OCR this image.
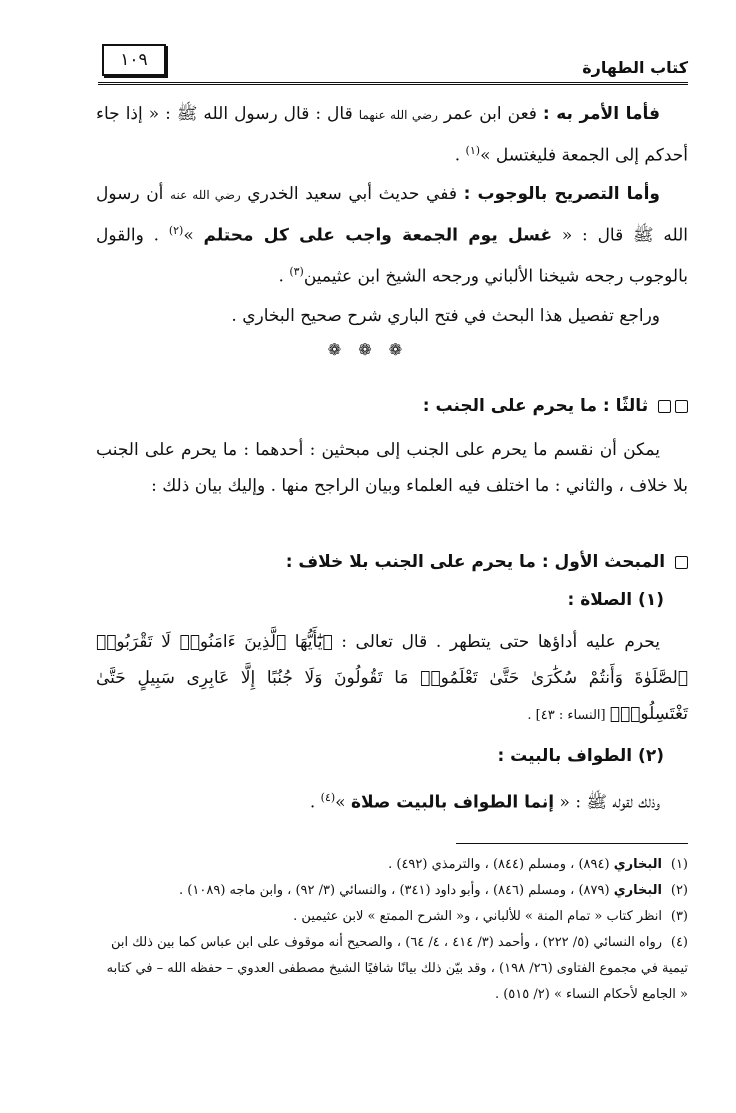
كتاب الطهارة
١٠٩

فأما الأمر به : فعن ابن عمر رضي الله عنهما قال : قال رسول الله ﷺ : « إذا جاء أحدكم إلى الجمعة فليغتسل »$^{(١)}$ .

وأما التصريح بالوجوب : ففي حديث أبي سعيد الخدري رضي الله عنه أن رسول الله ﷺ قال : « غسل يوم الجمعة واجب على كل محتلم »$^{(٢)}$ . والقول بالوجوب رجحه شيخنا الألباني ورجحه الشيخ ابن عثيمين$^{(٣)}$ .

وراجع تفصيل هذا البحث في فتح الباري شرح صحيح البخاري .

❁ ❁ ❁
ثالثًا : ما يحرم على الجنب :

يمكن أن نقسم ما يحرم على الجنب إلى مبحثين : أحدهما : ما يحرم على الجنب بلا خلاف ، والثاني : ما اختلف فيه العلماء وبيان الراجح منها . وإليك بيان ذلك :

المبحث الأول : ما يحرم على الجنب بلا خلاف :
(١) الصلاة :

يحرم عليه أداؤها حتى يتطهر . قال تعالى : ﴿يَٰٓأَيُّهَا ٱلَّذِينَ ءَامَنُوا۟ لَا تَقْرَبُوا۟ ٱلصَّلَوٰةَ وَأَنتُمْ سُكَٰرَىٰ حَتَّىٰ تَعْلَمُوا۟ مَا تَقُولُونَ وَلَا جُنُبًا إِلَّا عَابِرِى سَبِيلٍ حَتَّىٰ تَغْتَسِلُوا۟﴾ [النساء : ٤٣] .

(٢) الطواف بالبيت :

وذلك لقوله ﷺ : « إنما الطواف بالبيت صلاة »$^{(٤)}$ .

(١)البخاري (٨٩٤) ، ومسلم (٨٤٤) ، والترمذي (٤٩٢) .

(٢)البخاري (٨٧٩) ، ومسلم (٨٤٦) ، وأبو داود (٣٤١) ، والنسائي (٣/ ٩٢) ، وابن ماجه (١٠٨٩) .

(٣)انظر كتاب « تمام المنة » للألباني ، و« الشرح الممتع » لابن عثيمين .

(٤)رواه النسائي (٥/ ٢٢٢) ، وأحمد (٣/ ٤١٤ ، ٤/ ٦٤) ، والصحيح أنه موقوف على ابن عباس كما بين ذلك ابن تيمية في مجموع الفتاوى (٢٦/ ١٩٨) ، وقد بيّن ذلك بيانًا شافيًا الشيخ مصطفى العدوي – حفظه الله – في كتابه « الجامع لأحكام النساء » (٢/ ٥١٥) .
